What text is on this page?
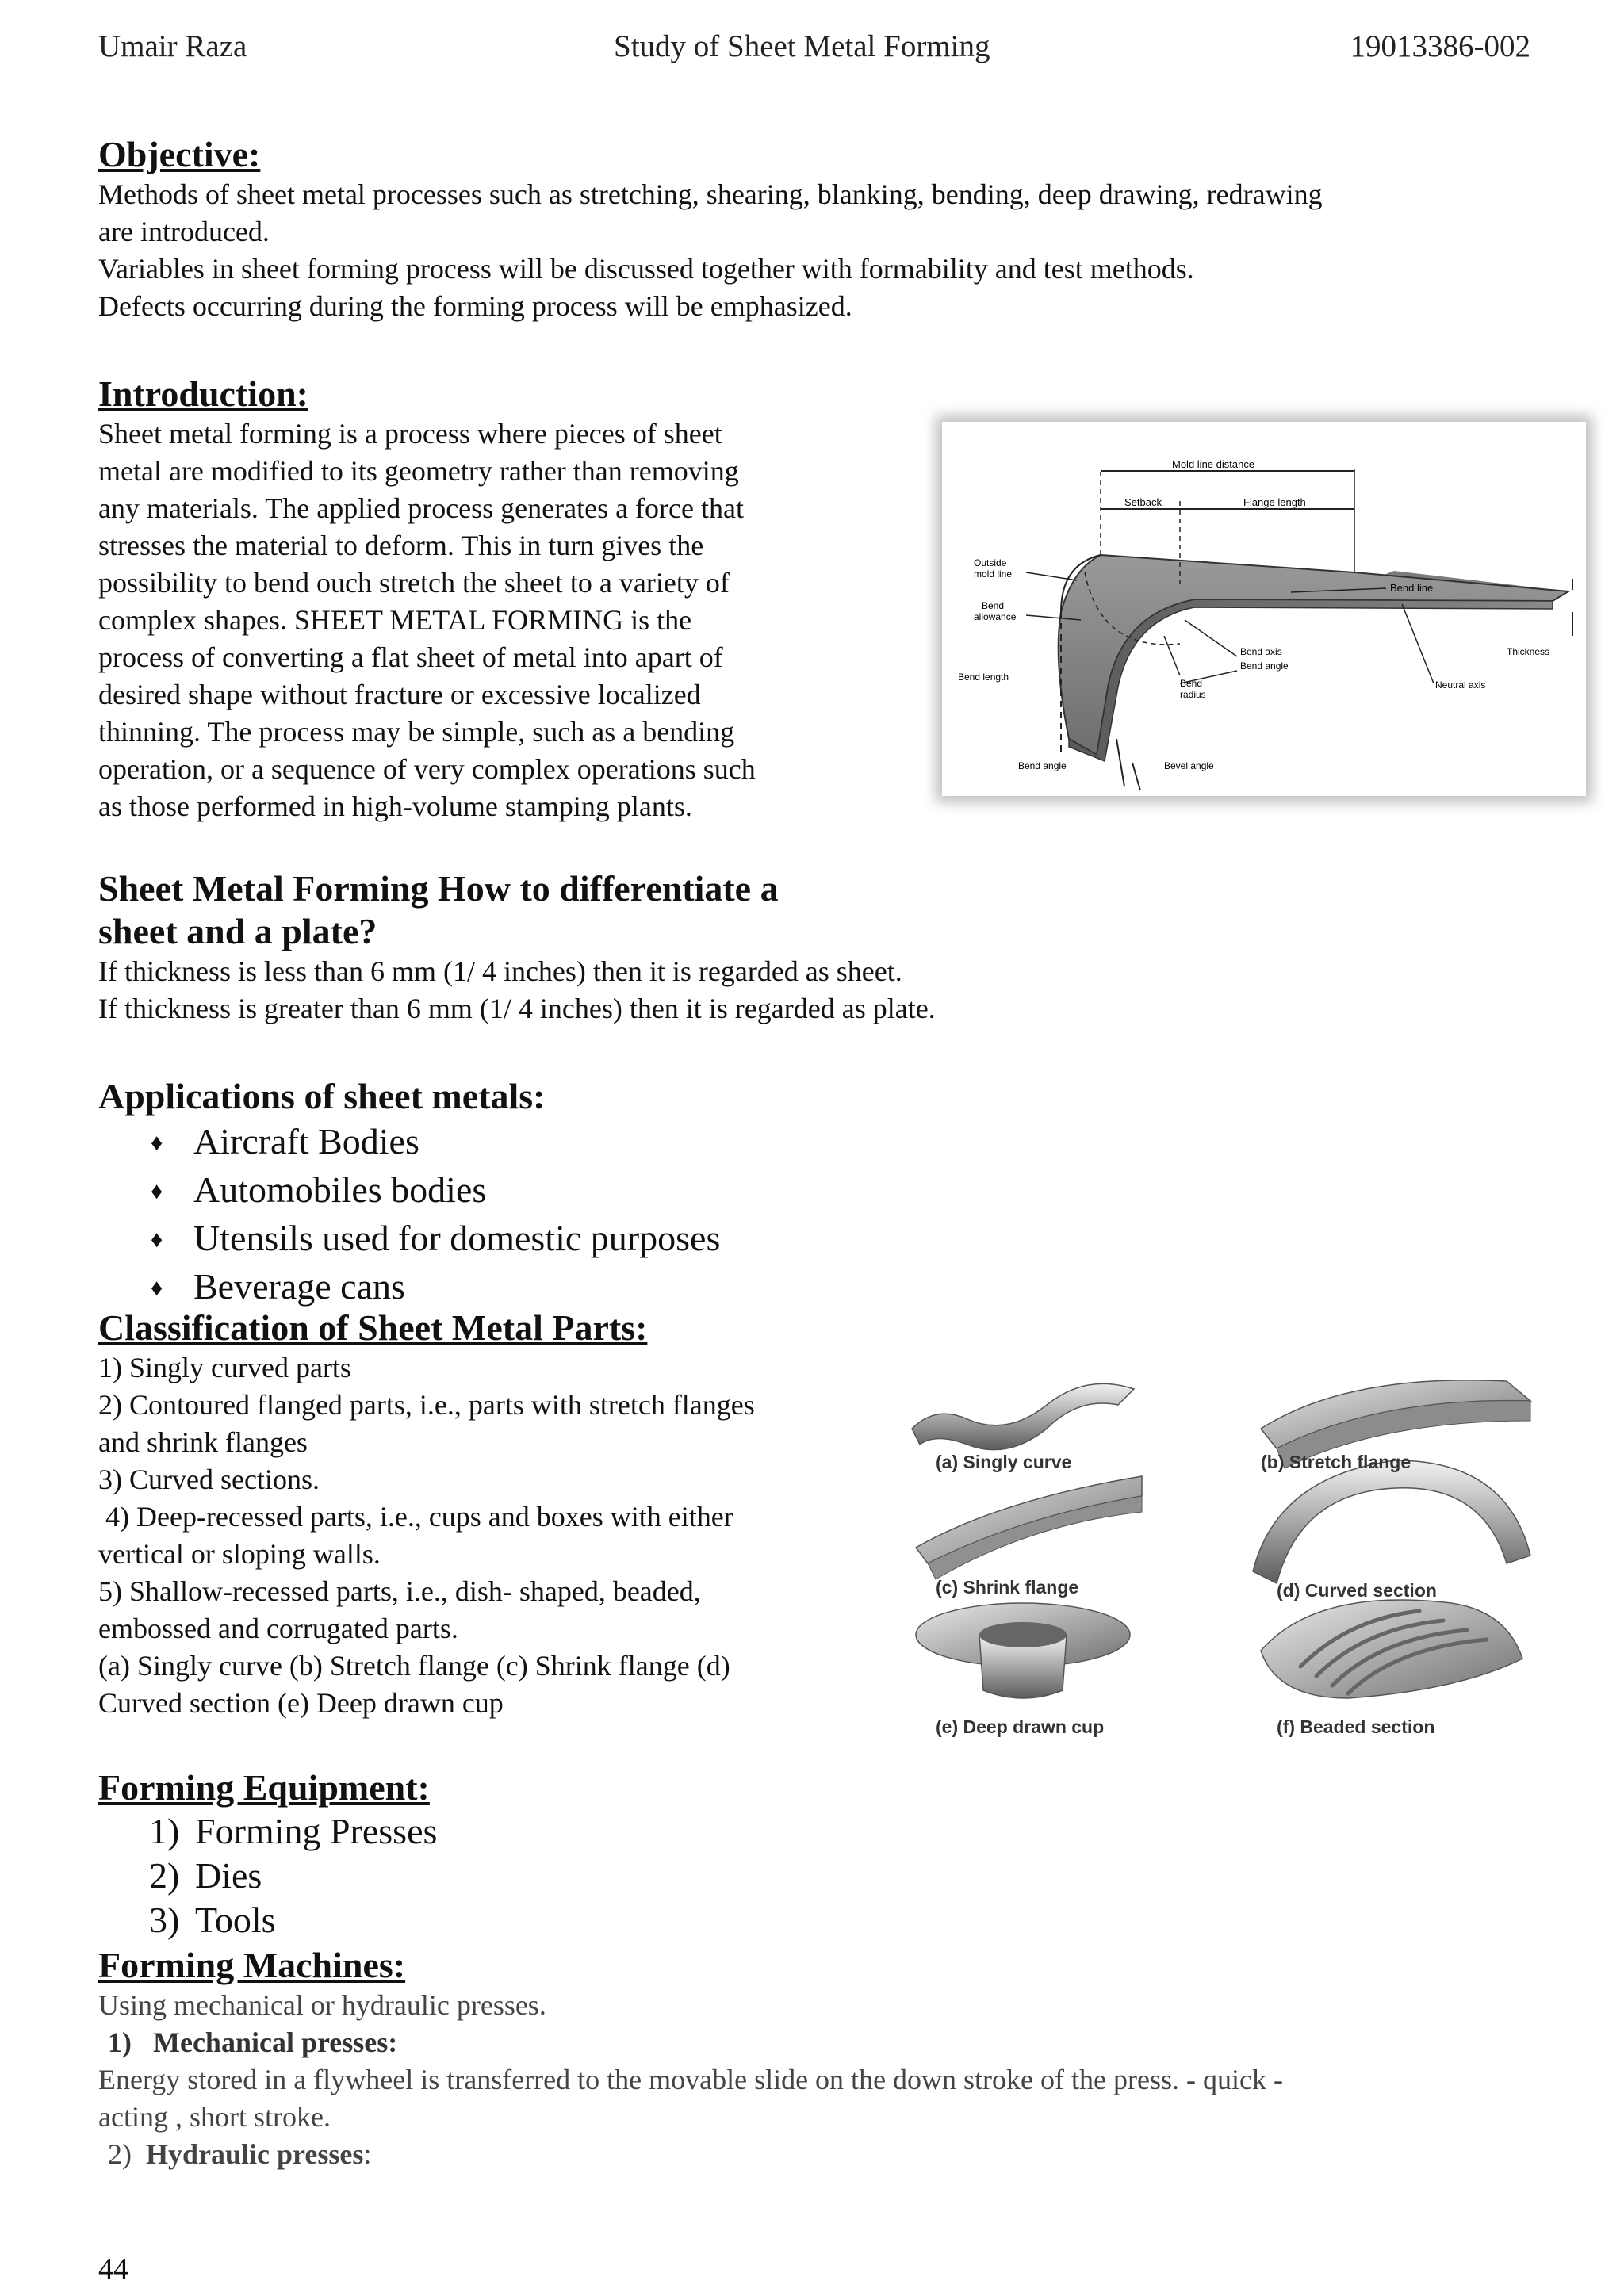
Umair Raza	Study of Sheet Metal Forming	19013386-002
Objective:
Methods of sheet metal processes such as stretching, shearing, blanking, bending, deep drawing, redrawing
are introduced.
Variables in sheet forming process will be discussed together with formability and test methods.
Defects occurring during the forming process will be emphasized.
Introduction:
Sheet metal forming is a process where pieces of sheet
metal are modified to its geometry rather than removing
any materials. The applied process generates a force that
stresses the material to deform. This in turn gives the
possibility to bend ouch stretch the sheet to a variety of
complex shapes. SHEET METAL FORMING is the
process of converting a flat sheet of metal into apart of
desired shape without fracture or excessive localized
thinning. The process may be simple, such as a bending
operation, or a sequence of very complex operations such
as those performed in high-volume stamping plants.
Mold line distance
Setback	Flange length
Outside
mold line
Bend
allowance
Bend line
Bend axis
Bend angle
Thickness
Bend length
Bend
radius
Neutral axis
Bend angle	Bevel angle
Sheet Metal Forming How to differentiate a
sheet and a plate?
If thickness is less than 6 mm (1/ 4 inches) then it is regarded as sheet.
If thickness is greater than 6 mm (1/ 4 inches) then it is regarded as plate.
Applications of sheet metals:
♦ Aircraft Bodies
♦ Automobiles bodies
♦ Utensils used for domestic purposes
♦ Beverage cans
Classification of Sheet Metal Parts:
1) Singly curved parts
2) Contoured flanged parts, i.e., parts with stretch flanges
and shrink flanges
3) Curved sections.
4) Deep-recessed parts, i.e., cups and boxes with either
vertical or sloping walls.
5) Shallow-recessed parts, i.e., dish- shaped, beaded,
embossed and corrugated parts.
(a) Singly curve (b) Stretch flange (c) Shrink flange (d)
Curved section (e) Deep drawn cup
(a) Singly curve	(b) Stretch flange
(c) Shrink flange	(d) Curved section
(e) Deep drawn cup	(f) Beaded section
Forming Equipment:
1) Forming Presses
2) Dies
3) Tools
Forming Machines:
Using mechanical or hydraulic presses.
1) Mechanical presses:
Energy stored in a flywheel is transferred to the movable slide on the down stroke of the press. - quick -
acting , short stroke.
2) Hydraulic presses:
44
